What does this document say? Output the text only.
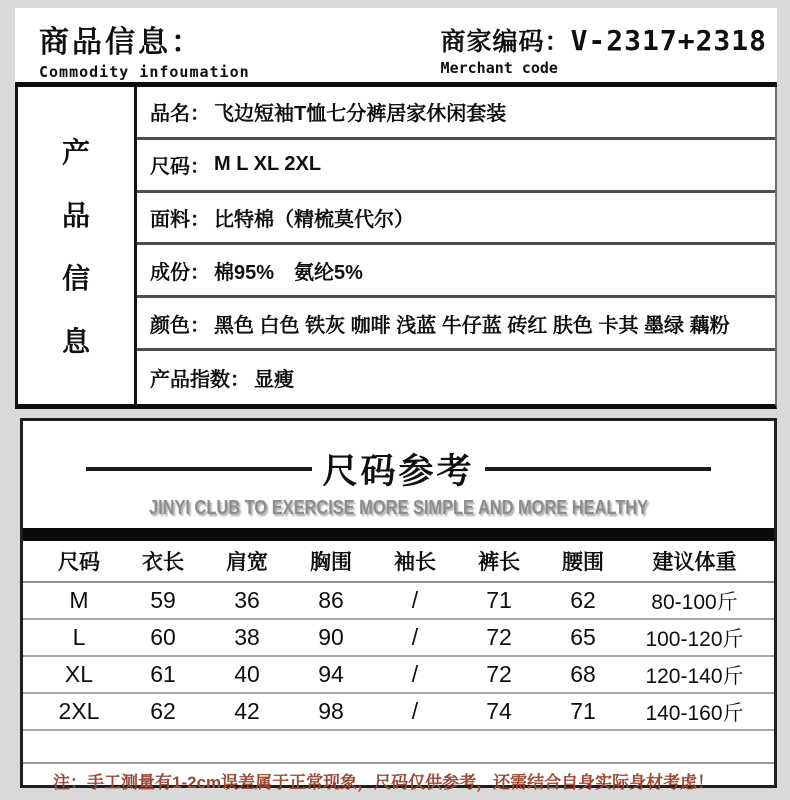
商品信息：
Commodity infoumation
商家编码： V-2317+2318
Merchant code
产
品
信
息
品名： 飞边短袖T恤七分裤居家休闲套装
尺码： M L XL 2XL
面料： 比特棉（精梳莫代尔）
成份： 棉95%　氨纶5%
颜色： 黑色 白色 铁灰 咖啡 浅蓝 牛仔蓝 砖红 肤色 卡其 墨绿 藕粉
产品指数： 显瘦
尺码参考
JINYI CLUB TO EXERCISE MORE SIMPLE AND MORE HEALTHY
尺码	衣长	肩宽	胸围	袖长	裤长	腰围	建议体重
M	59	36	86	/	71	62	80-100斤
L	60	38	90	/	72	65	100-120斤
XL	61	40	94	/	72	68	120-140斤
2XL	62	42	98	/	74	71	140-160斤
注：手工测量有1-2cm误差属于正常现象，尺码仅供参考，还需结合自身实际身材考虑！
